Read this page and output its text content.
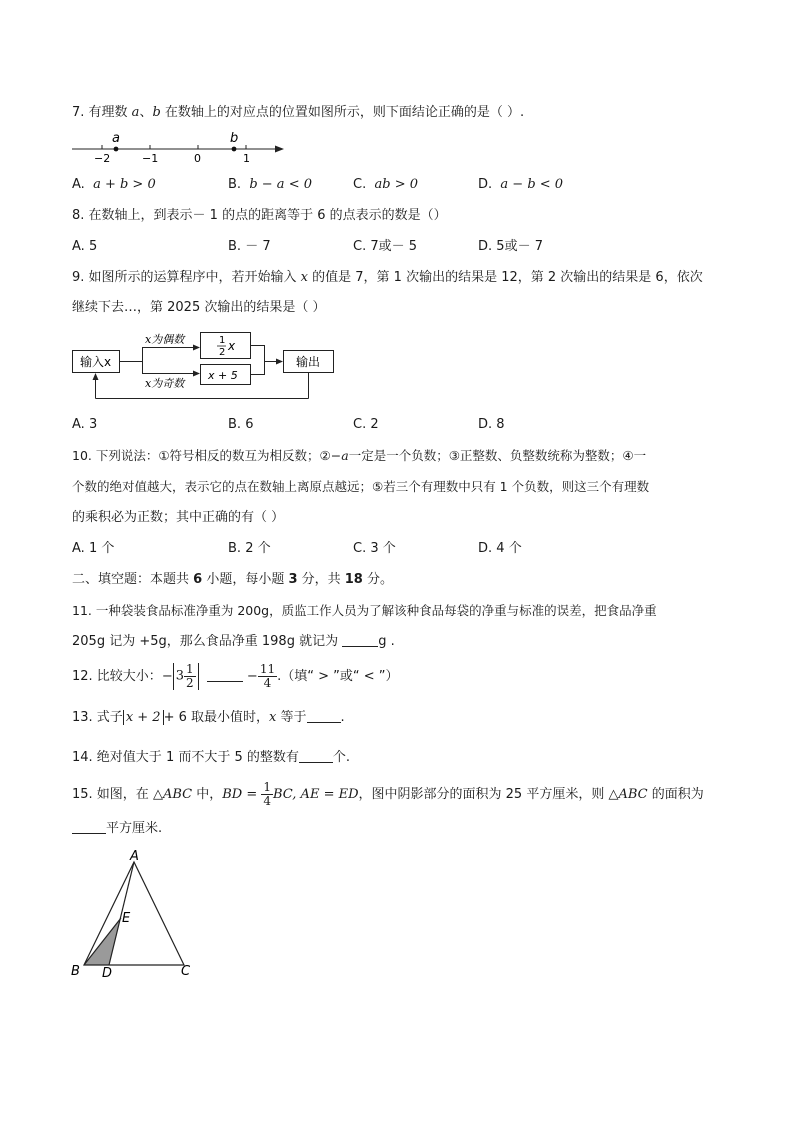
7. 有理数 a、b 在数轴上的对应点的位置如图所示，则下面结论正确的是（ ）.
a	b
−2	−1	0	1
A. a + b > 0	B. b − a < 0	C. ab > 0	D. a − b < 0
8. 在数轴上，到表示－ 1 的点的距离等于 6 的点表示的数是（）
A. 5	B. － 7	C. 7或－ 5	D. 5或－ 7
9. 如图所示的运算程序中，若开始输入 x 的值是 7，第 1 次输出的结果是 12，第 2 次输出的结果是 6，依次
继续下去…，第 2025 次输出的结果是（ ）
输入x
x为偶数
x为奇数
1
2 x
x + 5
输出
A. 3	B. 6	C. 2	D. 8
10. 下列说法：①符号相反的数互为相反数；②−a一定是一个负数；③正整数、负整数统称为整数；④一
个数的绝对值越大，表示它的点在数轴上离原点越远；⑤若三个有理数中只有 1 个负数，则这三个有理数
的乘积必为正数；其中正确的有（ ）
A. 1 个	B. 2 个	C. 3 个	D. 4 个
二、填空题：本题共 6 小题，每小题 3 分，共 18 分。
11. 一种袋装食品标准净重为 200g，质监工作人员为了解该种食品每袋的净重与标准的误差，把食品净重
205g 记为 +5g，那么食品净重 198g 就记为	g .
12. 比较大小：− $3 \frac{1}{2}$	− $\frac{11}{4}$ .（填“ > ”或“ < ”）
13. 式子 x + 2 + 6 取最小值时，x 等于	.
14. 绝对值大于 1 而不大于 5 的整数有	个.
15. 如图，在 △ABC 中，BD = $\frac{1}{4}$ BC, AE = ED，图中阴影部分的面积为 25 平方厘米，则 △ABC 的面积为
平方厘米.
A
B	C
D
E
